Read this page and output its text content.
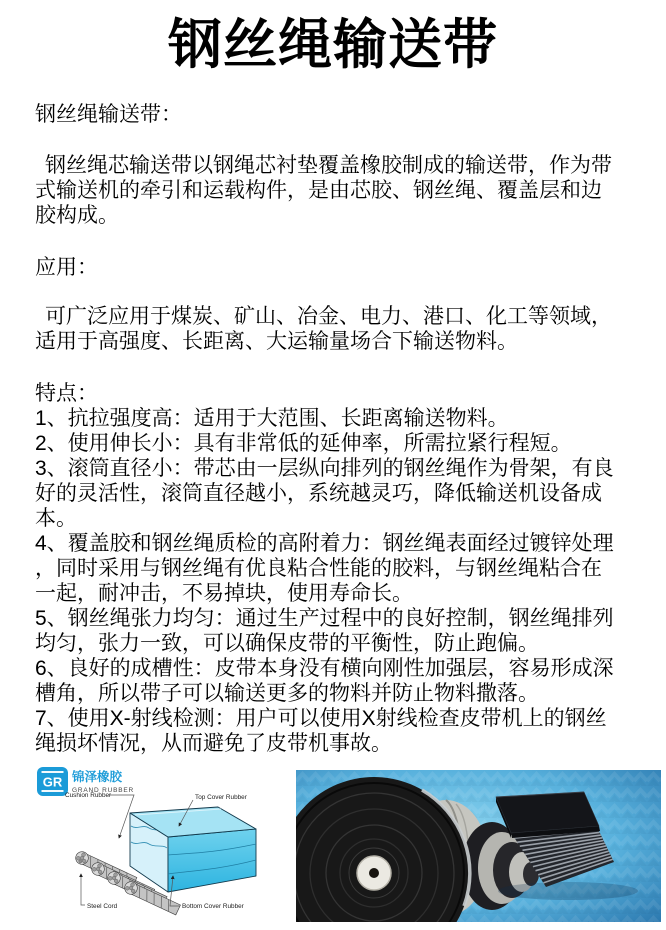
钢丝绳输送带

钢丝绳输送带：

钢丝绳芯输送带以钢绳芯衬垫覆盖橡胶制成的输送带，作为带式输送机的牵引和运载构件，是由芯胶、钢丝绳、覆盖层和边胶构成。

应用：

可广泛应用于煤炭、矿山、冶金、电力、港口、化工等领域，适用于高强度、长距离、大运输量场合下输送物料。

特点：

1、抗拉强度高：适用于大范围、长距离输送物料。

2、使用伸长小：具有非常低的延伸率，所需拉紧行程短。

3、滚筒直径小：带芯由一层纵向排列的钢丝绳作为骨架，有良好的灵活性，滚筒直径越小，系统越灵巧，降低输送机设备成本。

4、覆盖胶和钢丝绳质检的高附着力：钢丝绳表面经过镀锌处理，同时采用与钢丝绳有优良粘合性能的胶料，与钢丝绳粘合在一起，耐冲击，不易掉块，使用寿命长。

5、钢丝绳张力均匀：通过生产过程中的良好控制，钢丝绳排列均匀，张力一致，可以确保皮带的平衡性，防止跑偏。

6、良好的成槽性：皮带本身没有横向刚性加强层，容易形成深槽角，所以带子可以输送更多的物料并防止物料撒落。

7、使用X-射线检测：用户可以使用X射线检查皮带机上的钢丝绳损坏情况，从而避免了皮带机事故。

GR 锦泽橡胶
GRAND RUBBER
Cushion Rubber	Top Cover Rubber
Steel Cord	Bottom Cover Rubber
